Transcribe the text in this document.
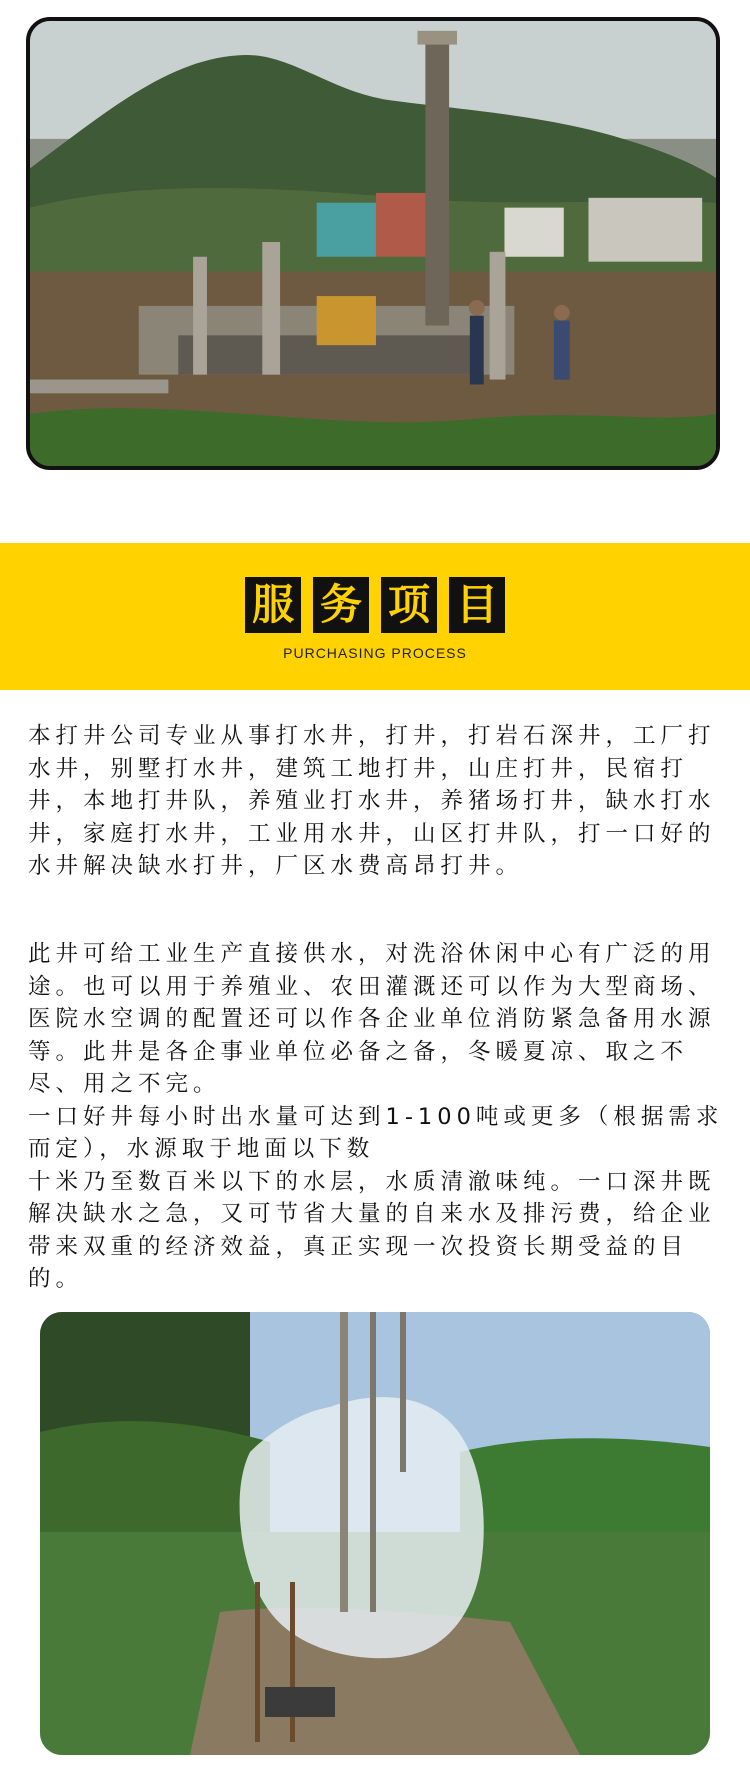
服 务 项 目
PURCHASING PROCESS

本打井公司专业从事打水井，打井，打岩石深井，工厂打水井，别墅打水井，建筑工地打井，山庄打井，民宿打井，本地打井队，养殖业打水井，养猪场打井，缺水打水井，家庭打水井，工业用水井，山区打井队，打一口好的水井解决缺水打井，厂区水费高昂打井。

此井可给工业生产直接供水，对洗浴休闲中心有广泛的用途。也可以用于养殖业、农田灌溉还可以作为大型商场、医院水空调的配置还可以作各企业单位消防紧急备用水源等。此井是各企事业单位必备之备，冬暖夏凉、取之不尽、用之不完。

一口好井每小时出水量可达到1-100吨或更多（根据需求而定），水源取于地面以下数

十米乃至数百米以下的水层，水质清澈味纯。一口深井既解决缺水之急，又可节省大量的自来水及排污费，给企业带来双重的经济效益，真正实现一次投资长期受益的目的。
